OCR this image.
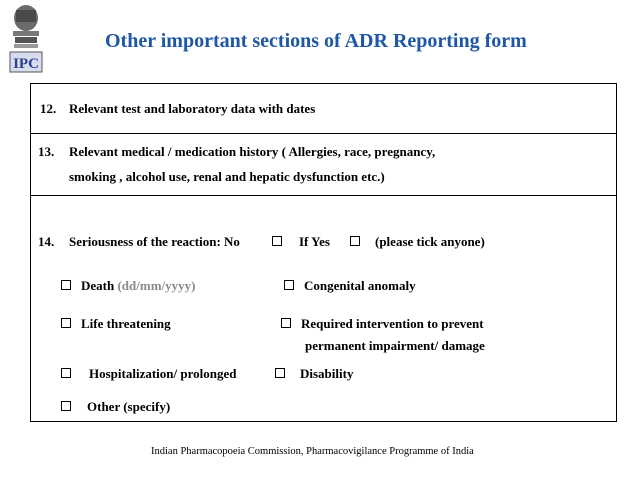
IPC
Other important sections of ADR Reporting form
12. Relevant test and laboratory data with dates
13. Relevant medical / medication history ( Allergies, race, pregnancy,
smoking , alcohol use, renal and hepatic dysfunction etc.)
14. Seriousness of the reaction: No	If Yes	(please tick anyone)
Death (dd/mm/yyyy)	Congenital anomaly
Life threatening	Required intervention to prevent
permanent impairment/ damage
Hospitalization/ prolonged	Disability
Other (specify)
Indian Pharmacopoeia Commission, Pharmacovigilance Programme of India
